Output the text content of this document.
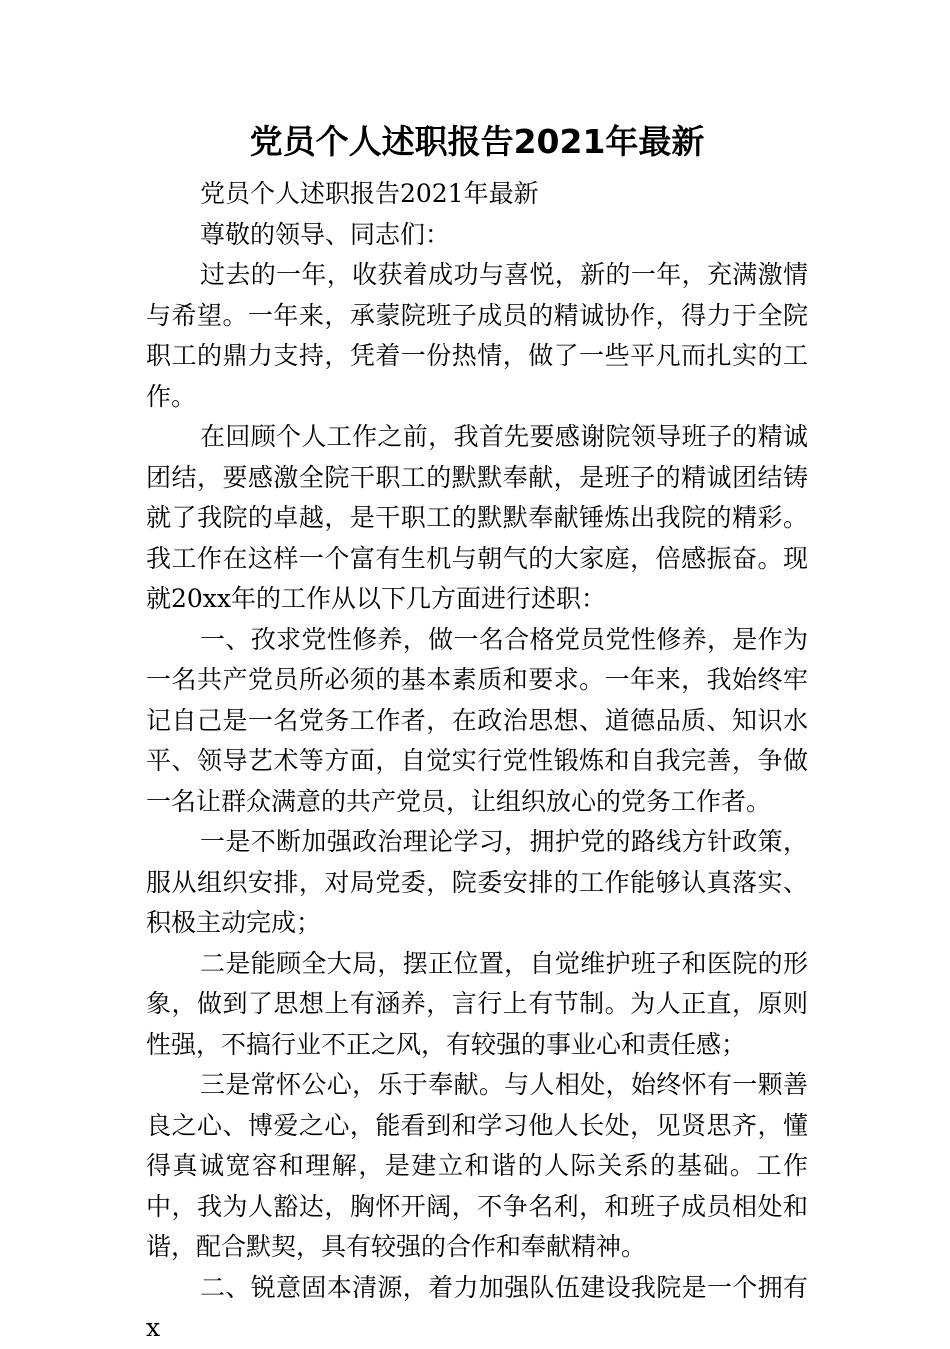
党员个人述职报告2021年最新

党员个人述职报告2021年最新

尊敬的领导、同志们：

过去的一年，收获着成功与喜悦，新的一年，充满激情与希望。一年来，承蒙院班子成员的精诚协作，得力于全院职工的鼎力支持，凭着一份热情，做了一些平凡而扎实的工作。

在回顾个人工作之前，我首先要感谢院领导班子的精诚团结，要感激全院干职工的默默奉献，是班子的精诚团结铸就了我院的卓越，是干职工的默默奉献锤炼出我院的精彩。我工作在这样一个富有生机与朝气的大家庭，倍感振奋。现就20xx年的工作从以下几方面进行述职：

一、孜求党性修养，做一名合格党员党性修养，是作为一名共产党员所必须的基本素质和要求。一年来，我始终牢记自己是一名党务工作者，在政治思想、道德品质、知识水平、领导艺术等方面，自觉实行党性锻炼和自我完善，争做一名让群众满意的共产党员，让组织放心的党务工作者。

一是不断加强政治理论学习，拥护党的路线方针政策，服从组织安排，对局党委，院委安排的工作能够认真落实、积极主动完成；

二是能顾全大局，摆正位置，自觉维护班子和医院的形象，做到了思想上有涵养，言行上有节制。为人正直，原则性强，不搞行业不正之风，有较强的事业心和责任感；

三是常怀公心，乐于奉献。与人相处，始终怀有一颗善良之心、博爱之心，能看到和学习他人长处，见贤思齐，懂得真诚宽容和理解，是建立和谐的人际关系的基础。工作中，我为人豁达，胸怀开阔，不争名利，和班子成员相处和谐，配合默契，具有较强的合作和奉献精神。

二、锐意固本清源，着力加强队伍建设我院是一个拥有x
